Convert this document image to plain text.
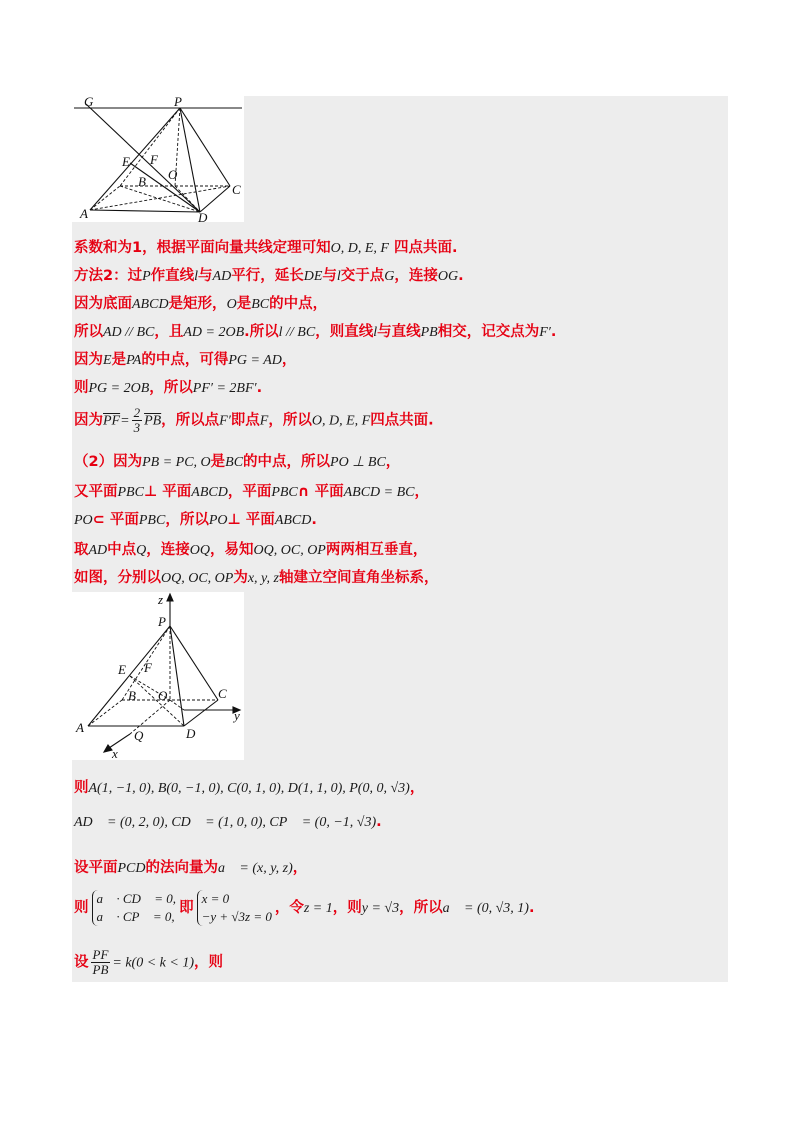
G	P
E F
B O
C
A	D
系数和为1，根据平面向量共线定理可知O, D, E, F 四点共面.
方法2：过P作直线l与AD平行，延长DE与l交于点G，连接OG.
因为底面ABCD是矩形，O是BC的中点，
所以AD // BC，且AD = 2OB.所以l // BC，则直线l与直线PB相交，记交点为F′.
因为E是PA的中点，可得PG = AD，
则PG = 2OB，所以PF′ = 2BF′.
因为$\overline{PF}= \frac{2}{3} \overline{PB}$，所以点F′即点F，所以O, D, E, F四点共面.
（2）因为PB = PC, O是BC的中点，所以PO ⊥ BC，
又平面PBC⊥ 平面ABCD，平面PBC∩ 平面ABCD = BC，
PO⊂ 平面PBC，所以PO⊥ 平面ABCD.
取AD中点Q，连接OQ，易知OQ, OC, OP两两相互垂直，
如图，分别以OQ, OC, OP为x, y, z轴建立空间直角坐标系，
z
P
E F
B O	C
y
A
Q	D
x
则A(1, −1, 0), B(0, −1, 0), C(0, 1, 0), D(1, 1, 0), P(0, 0, √3)，
AD⃗ = (0, 2, 0), CD⃗ = (1, 0, 0), CP⃗ = (0, −1, √3).
设平面PCD的法向量为a⃗ = (x, y, z)，
则
a⃗ · CD⃗ = 0,
a⃗ · CP⃗ = 0,
即
x = 0
−y + √3z = 0
，令z = 1，则y = √3，所以a⃗ = (0, √3, 1).
设 $\frac{PF}{PB} = k(0 < k < 1)$，则
